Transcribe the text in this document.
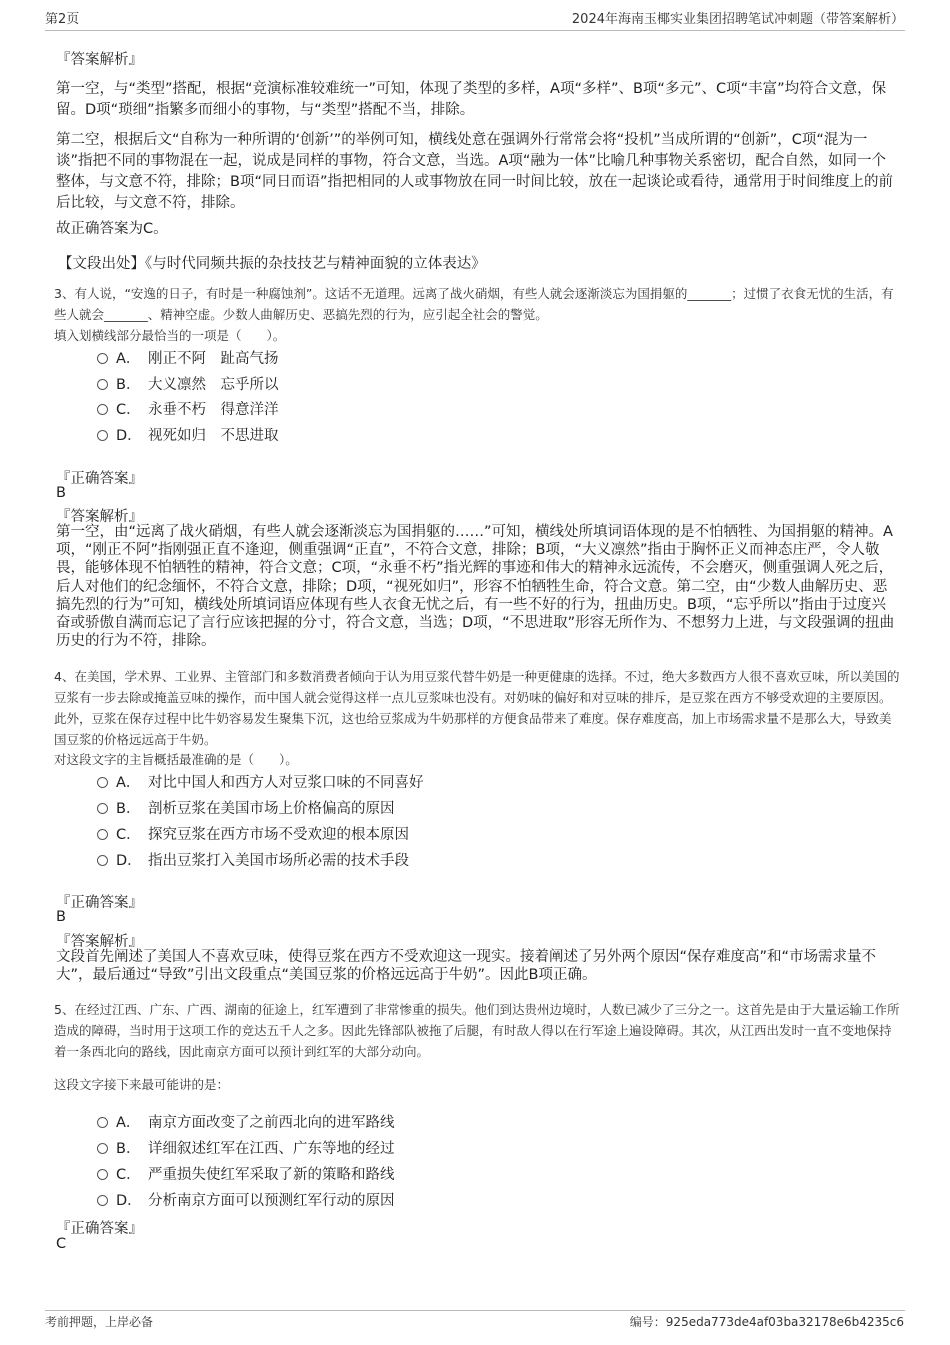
第2页	2024年海南玉椰实业集团招聘笔试冲刺题（带答案解析）
『答案解析』
第一空，与“类型”搭配，根据“竞演标准较难统一”可知，体现了类型的多样，A项“多样”、B项“多元”、C项“丰富”均符合文意，保留。D项“琐细”指繁多而细小的事物，与“类型”搭配不当，排除。
第二空，根据后文“自称为一种所谓的‘创新’”的举例可知，横线处意在强调外行常常会将“投机”当成所谓的“创新”，C项“混为一谈”指把不同的事物混在一起，说成是同样的事物，符合文意，当选。A项“融为一体”比喻几种事物关系密切，配合自然，如同一个整体，与文意不符，排除；B项“同日而语”指把相同的人或事物放在同一时间比较，放在一起谈论或看待，通常用于时间维度上的前后比较，与文意不符，排除。
故正确答案为C。
【文段出处】《与时代同频共振的杂技技艺与精神面貌的立体表达》
3、有人说，“安逸的日子，有时是一种腐蚀剂”。这话不无道理。远离了战火硝烟，有些人就会逐渐淡忘为国捐躯的_______；过惯了衣食无忧的生活，有些人就会_______、精神空虚。少数人曲解历史、恶搞先烈的行为，应引起全社会的警觉。
填入划横线部分最恰当的一项是（　　）。
A． 刚正不阿　趾高气扬
B． 大义凛然　忘乎所以
C． 永垂不朽　得意洋洋
D． 视死如归　不思进取
『正确答案』
B
『答案解析』
第一空，由“远离了战火硝烟，有些人就会逐渐淡忘为国捐躯的……”可知，横线处所填词语体现的是不怕牺牲、为国捐躯的精神。A项，“刚正不阿”指刚强正直不逢迎，侧重强调“正直”，不符合文意，排除；B项，“大义凛然”指由于胸怀正义而神态庄严，令人敬畏，能够体现不怕牺牲的精神，符合文意；C项，“永垂不朽”指光辉的事迹和伟大的精神永远流传，不会磨灭，侧重强调人死之后，后人对他们的纪念缅怀，不符合文意，排除；D项，“视死如归”，形容不怕牺牲生命，符合文意。第二空，由“少数人曲解历史、恶搞先烈的行为”可知，横线处所填词语应体现有些人衣食无忧之后，有一些不好的行为，扭曲历史。B项，“忘乎所以”指由于过度兴奋或骄傲自满而忘记了言行应该把握的分寸，符合文意，当选；D项，“不思进取”形容无所作为、不想努力上进，与文段强调的扭曲历史的行为不符，排除。
4、在美国，学术界、工业界、主管部门和多数消费者倾向于认为用豆浆代替牛奶是一种更健康的选择。不过，绝大多数西方人很不喜欢豆味，所以美国的豆浆有一步去除或掩盖豆味的操作，而中国人就会觉得这样一点儿豆浆味也没有。对奶味的偏好和对豆味的排斥，是豆浆在西方不够受欢迎的主要原因。此外，豆浆在保存过程中比牛奶容易发生聚集下沉，这也给豆浆成为牛奶那样的方便食品带来了难度。保存难度高，加上市场需求量不是那么大，导致美国豆浆的价格远远高于牛奶。
对这段文字的主旨概括最准确的是（　　）。
A． 对比中国人和西方人对豆浆口味的不同喜好
B． 剖析豆浆在美国市场上价格偏高的原因
C． 探究豆浆在西方市场不受欢迎的根本原因
D． 指出豆浆打入美国市场所必需的技术手段
『正确答案』
B
『答案解析』
文段首先阐述了美国人不喜欢豆味，使得豆浆在西方不受欢迎这一现实。接着阐述了另外两个原因“保存难度高”和“市场需求量不大”，最后通过“导致”引出文段重点“美国豆浆的价格远远高于牛奶”。因此B项正确。
5、在经过江西、广东、广西、湖南的征途上，红军遭到了非常惨重的损失。他们到达贵州边境时，人数已减少了三分之一。这首先是由于大量运输工作所造成的障碍，当时用于这项工作的竞达五千人之多。因此先锋部队被拖了后腿，有时敌人得以在行军途上遍设障碍。其次，从江西出发时一直不变地保持着一条西北向的路线，因此南京方面可以预计到红军的大部分动向。
这段文字接下来最可能讲的是：
A． 南京方面改变了之前西北向的进军路线
B． 详细叙述红军在江西、广东等地的经过
C． 严重损失使红军采取了新的策略和路线
D． 分析南京方面可以预测红军行动的原因
『正确答案』
C
考前押题，上岸必备	编号：925eda773de4af03ba32178e6b4235c6
